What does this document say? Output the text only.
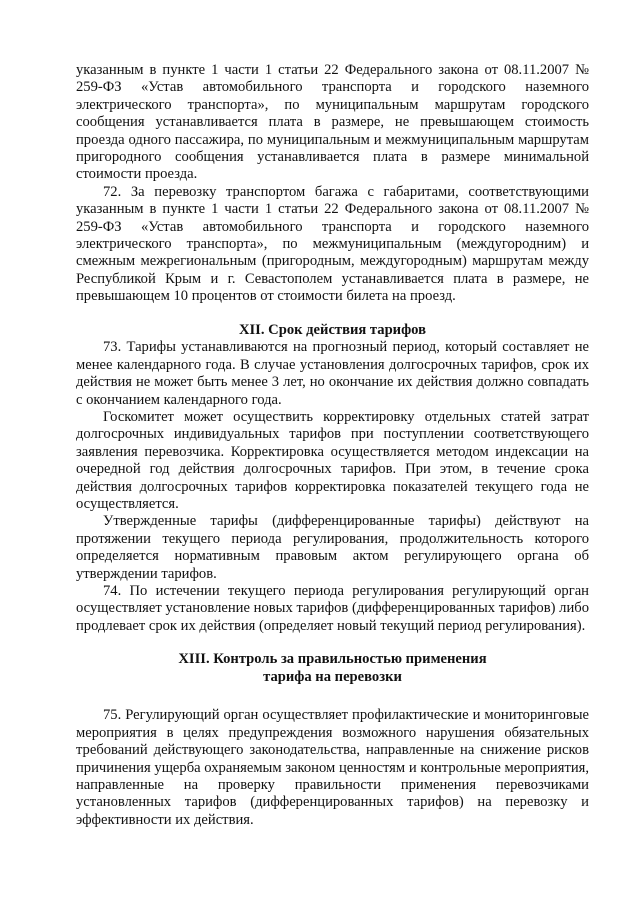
указанным в пункте 1 части 1 статьи 22 Федерального закона от 08.11.2007 № 259-ФЗ «Устав автомобильного транспорта и городского наземного электрического транспорта», по муниципальным маршрутам городского сообщения устанавливается плата в размере, не превышающем стоимость проезда одного пассажира, по муниципальным и межмуниципальным маршрутам пригородного сообщения устанавливается плата в размере минимальной стоимости проезда.

72. За перевозку транспортом багажа с габаритами, соответствующими указанным в пункте 1 части 1 статьи 22 Федерального закона от 08.11.2007 № 259-ФЗ «Устав автомобильного транспорта и городского наземного электрического транспорта», по межмуниципальным (междугородним) и смежным межрегиональным (пригородным, междугородным) маршрутам между Республикой Крым и г. Севастополем устанавливается плата в размере, не превышающем 10 процентов от стоимости билета на проезд.

XII. Срок действия тарифов

73. Тарифы устанавливаются на прогнозный период, который составляет не менее календарного года. В случае установления долгосрочных тарифов, срок их действия не может быть менее 3 лет, но окончание их действия должно совпадать с окончанием календарного года.

Госкомитет может осуществить корректировку отдельных статей затрат долгосрочных индивидуальных тарифов при поступлении соответствующего заявления перевозчика. Корректировка осуществляется методом индексации на очередной год действия долгосрочных тарифов. При этом, в течение срока действия долгосрочных тарифов корректировка показателей текущего года не осуществляется.

Утвержденные тарифы (дифференцированные тарифы) действуют на протяжении текущего периода регулирования, продолжительность которого определяется нормативным правовым актом регулирующего органа об утверждении тарифов.

74. По истечении текущего периода регулирования регулирующий орган осуществляет установление новых тарифов (дифференцированных тарифов) либо продлевает срок их действия (определяет новый текущий период регулирования).

XIII. Контроль за правильностью применения
тарифа на перевозки

75. Регулирующий орган осуществляет профилактические и мониторинговые мероприятия в целях предупреждения возможного нарушения обязательных требований действующего законодательства, направленные на снижение рисков причинения ущерба охраняемым законом ценностям и контрольные мероприятия, направленные на проверку правильности применения перевозчиками установленных тарифов (дифференцированных тарифов) на перевозку и эффективности их действия.
